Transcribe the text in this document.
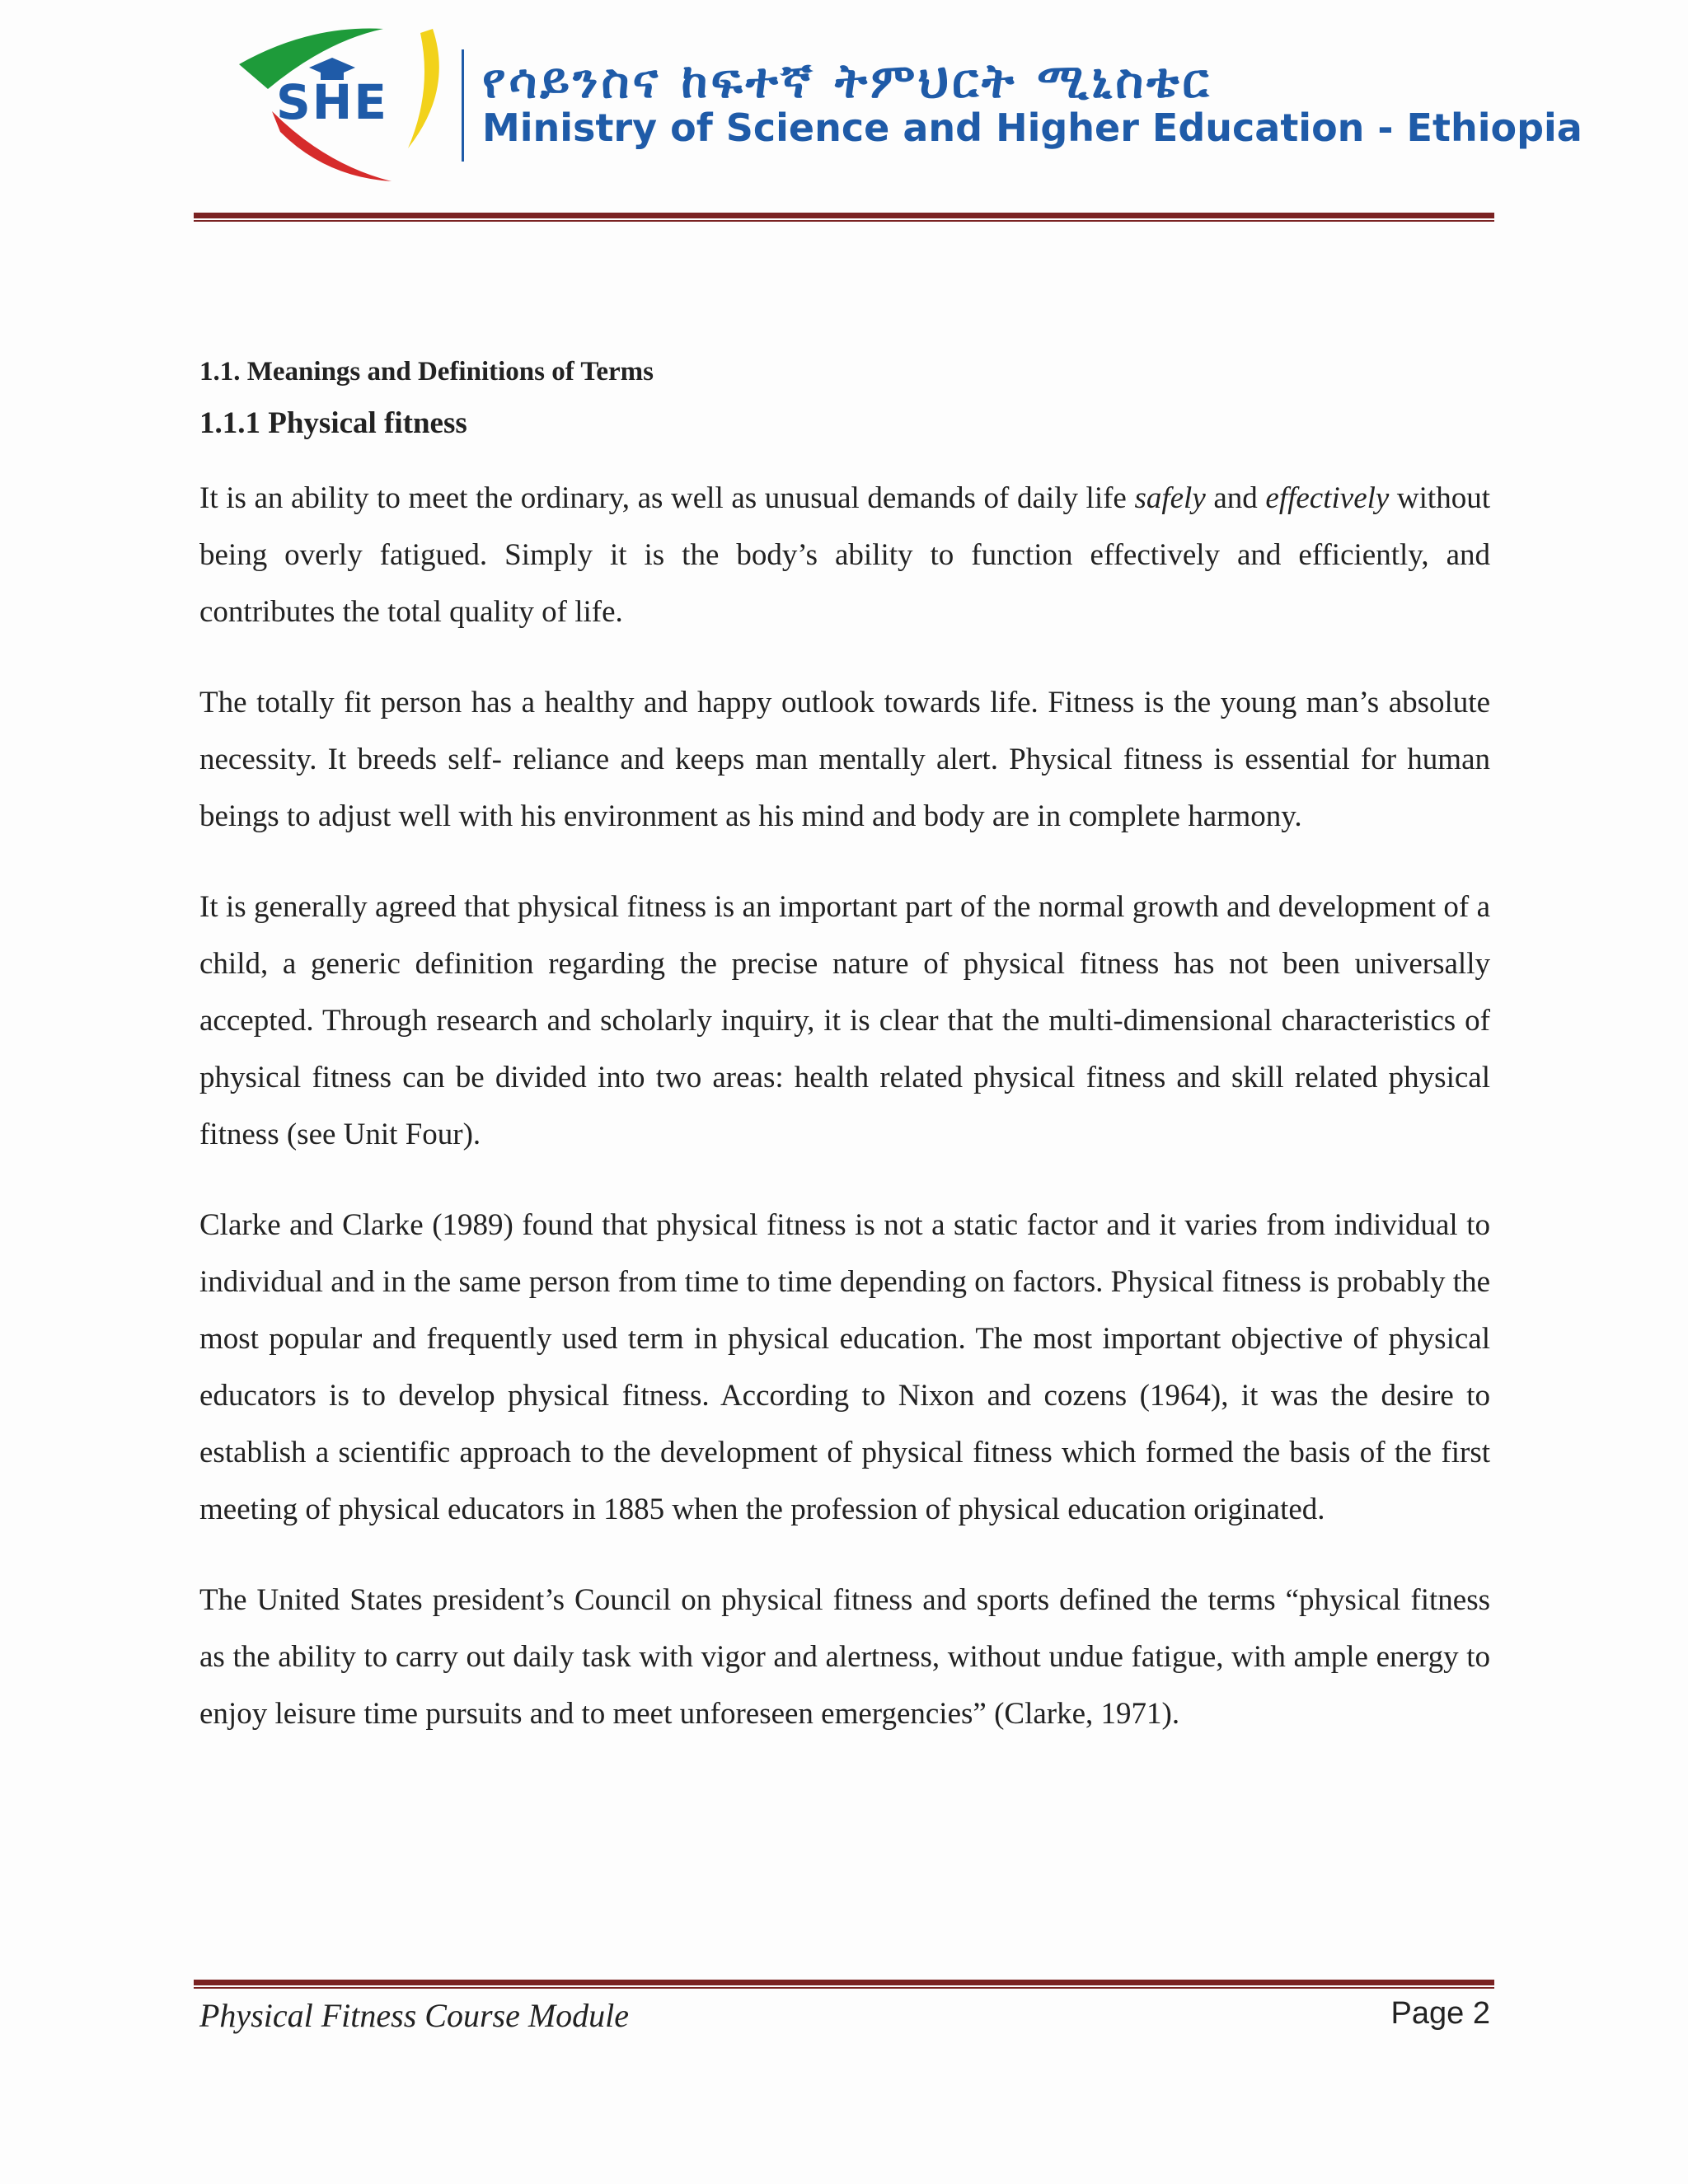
SHE የሳይንስና ከፍተኛ ትምህርት ሚኒስቴር
Ministry of Science and Higher Education - Ethiopia
1.1. Meanings and Definitions of Terms
1.1.1 Physical fitness

It is an ability to meet the ordinary, as well as unusual demands of daily life safely and effectively without being overly fatigued. Simply it is the body’s ability to function effectively and efficiently, and contributes the total quality of life.

The totally fit person has a healthy and happy outlook towards life. Fitness is the young man’s absolute necessity. It breeds self- reliance and keeps man mentally alert. Physical fitness is essential for human beings to adjust well with his environment as his mind and body are in complete harmony.

It is generally agreed that physical fitness is an important part of the normal growth and development of a child, a generic definition regarding the precise nature of physical fitness has not been universally accepted. Through research and scholarly inquiry, it is clear that the multi-dimensional characteristics of physical fitness can be divided into two areas: health related physical fitness and skill related physical fitness (see Unit Four).

Clarke and Clarke (1989) found that physical fitness is not a static factor and it varies from individual to individual and in the same person from time to time depending on factors. Physical fitness is probably the most popular and frequently used term in physical education. The most important objective of physical educators is to develop physical fitness. According to Nixon and cozens (1964), it was the desire to establish a scientific approach to the development of physical fitness which formed the basis of the first meeting of physical educators in 1885 when the profession of physical education originated.

The United States president’s Council on physical fitness and sports defined the terms “physical fitness as the ability to carry out daily task with vigor and alertness, without undue fatigue, with ample energy to enjoy leisure time pursuits and to meet unforeseen emergencies” (Clarke, 1971).

Physical Fitness Course Module	Page 2
